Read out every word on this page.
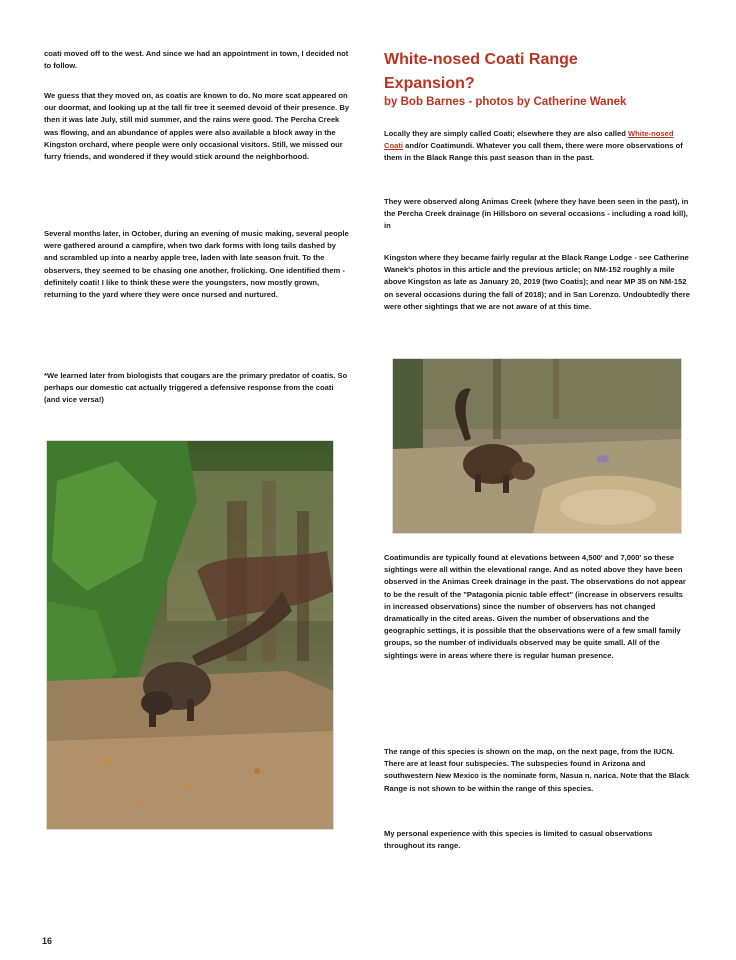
coati moved off to the west. And since we had an appointment in town, I decided not to follow.

We guess that they moved on, as coatis are known to do. No more scat appeared on our doormat, and looking up at the tall fir tree it seemed devoid of their presence. By then it was late July, still mid summer, and the rains were good. The Percha Creek was flowing, and an abundance of apples were also available a block away in the Kingston orchard, where people were only occasional visitors. Still, we missed our furry friends, and wondered if they would stick around the neighborhood.

Several months later, in October, during an evening of music making, several people were gathered around a campfire, when two dark forms with long tails dashed by and scrambled up into a nearby apple tree, laden with late season fruit. To the observers, they seemed to be chasing one another, frolicking. One identified them - definitely coati! I like to think these were the youngsters, now mostly grown, returning to the yard where they were once nursed and nurtured.

*We learned later from biologists that cougars are the primary predator of coatis. So perhaps our domestic cat actually triggered a defensive response from the coati (and vice versa!)

White-nosed Coati Range

Expansion?

by Bob Barnes - photos by Catherine Wanek

Locally they are simply called Coati; elsewhere they are also called White-nosed Coati and/or Coatimundi. Whatever you call them, there were more observations of them in the Black Range this past season than in the past.

They were observed along Animas Creek (where they have been seen in the past), in the Percha Creek drainage (in Hillsboro on several occasions - including a road kill), in

Kingston where they became fairly regular at the Black Range Lodge - see Catherine Wanek's photos in this article and the previous article; on NM-152 roughly a mile above Kingston as late as January 20, 2019 (two Coatis); and near MP 35 on NM-152 on several occasions during the fall of 2018); and in San Lorenzo. Undoubtedly there were other sightings that we are not aware of at this time.

Coatimundis are typically found at elevations between 4,500' and 7,000' so these sightings were all within the elevational range. And as noted above they have been observed in the Animas Creek drainage in the past. The observations do not appear to be the result of the "Patagonia picnic table effect" (increase in observers results in increased observations) since the number of observers has not changed dramatically in the cited areas. Given the number of observations and the geographic settings, it is possible that the observations were of a few small family groups, so the number of individuals observed may be quite small. All of the sightings were in areas where there is regular human presence.

The range of this species is shown on the map, on the next page, from the IUCN. There are at least four subspecies. The subspecies found in Arizona and southwestern New Mexico is the nominate form, Nasua n. narica. Note that the Black Range is not shown to be within the range of this species.

My personal experience with this species is limited to casual observations throughout its range.

16
